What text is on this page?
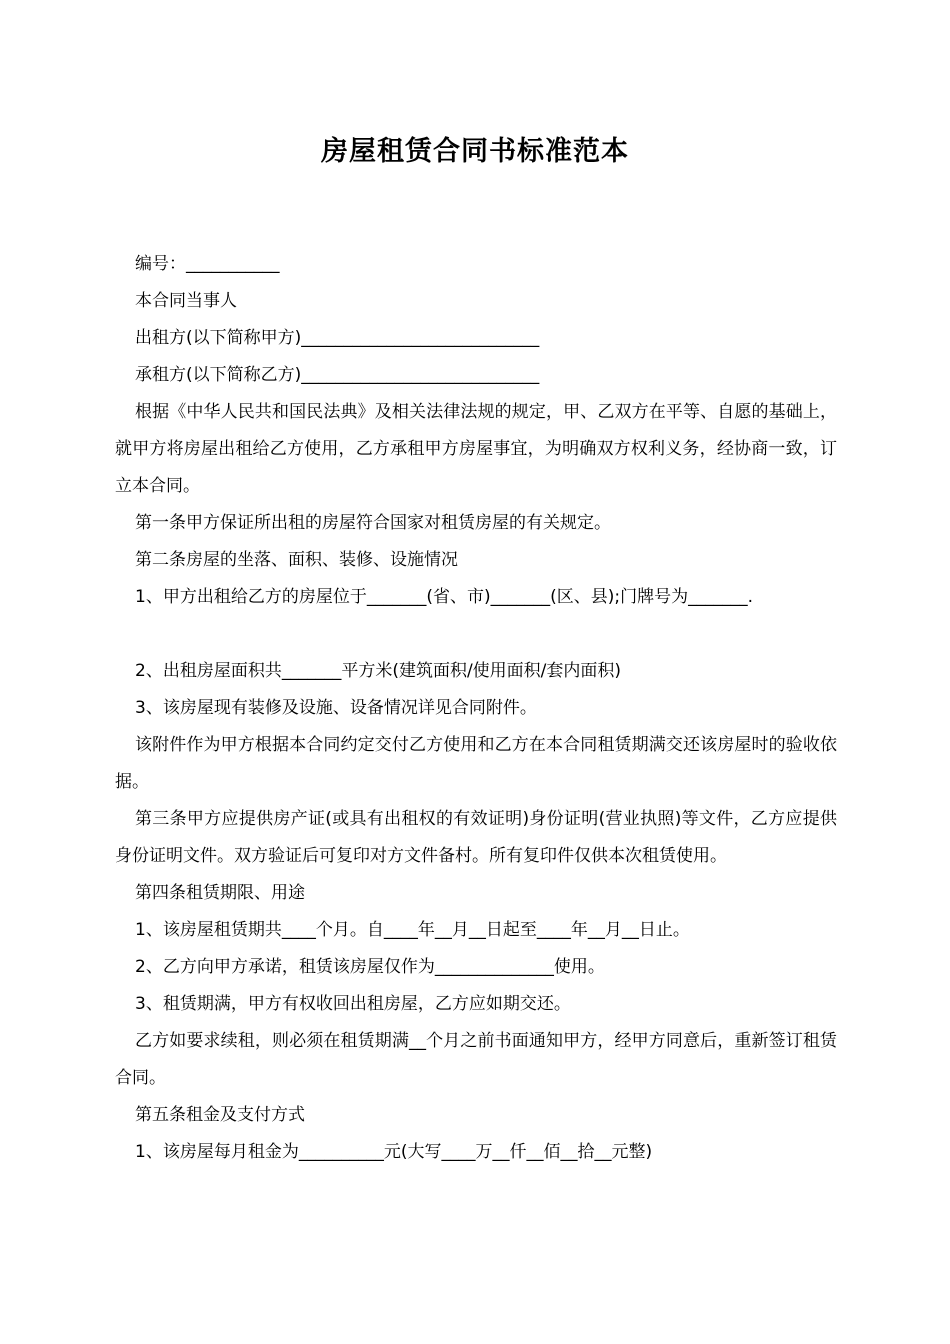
房屋租赁合同书标准范本

编号：___________

本合同当事人

出租方(以下简称甲方)____________________________

承租方(以下简称乙方)____________________________

根据《中华人民共和国民法典》及相关法律法规的规定，甲、乙双方在平等、自愿的基础上，就甲方将房屋出租给乙方使用，乙方承租甲方房屋事宜，为明确双方权利义务，经协商一致，订立本合同。

第一条甲方保证所出租的房屋符合国家对租赁房屋的有关规定。

第二条房屋的坐落、面积、装修、设施情况

1、甲方出租给乙方的房屋位于_______(省、市)_______(区、县);门牌号为_______.

2、出租房屋面积共_______平方米(建筑面积/使用面积/套内面积)

3、该房屋现有装修及设施、设备情况详见合同附件。

该附件作为甲方根据本合同约定交付乙方使用和乙方在本合同租赁期满交还该房屋时的验收依据。

第三条甲方应提供房产证(或具有出租权的有效证明)身份证明(营业执照)等文件，乙方应提供身份证明文件。双方验证后可复印对方文件备村。所有复印件仅供本次租赁使用。

第四条租赁期限、用途

1、该房屋租赁期共____个月。自____年__月__日起至____年__月__日止。

2、乙方向甲方承诺，租赁该房屋仅作为______________使用。

3、租赁期满，甲方有权收回出租房屋，乙方应如期交还。

乙方如要求续租，则必须在租赁期满__个月之前书面通知甲方，经甲方同意后，重新签订租赁合同。

第五条租金及支付方式

1、该房屋每月租金为__________元(大写____万__仟__佰__拾__元整)
